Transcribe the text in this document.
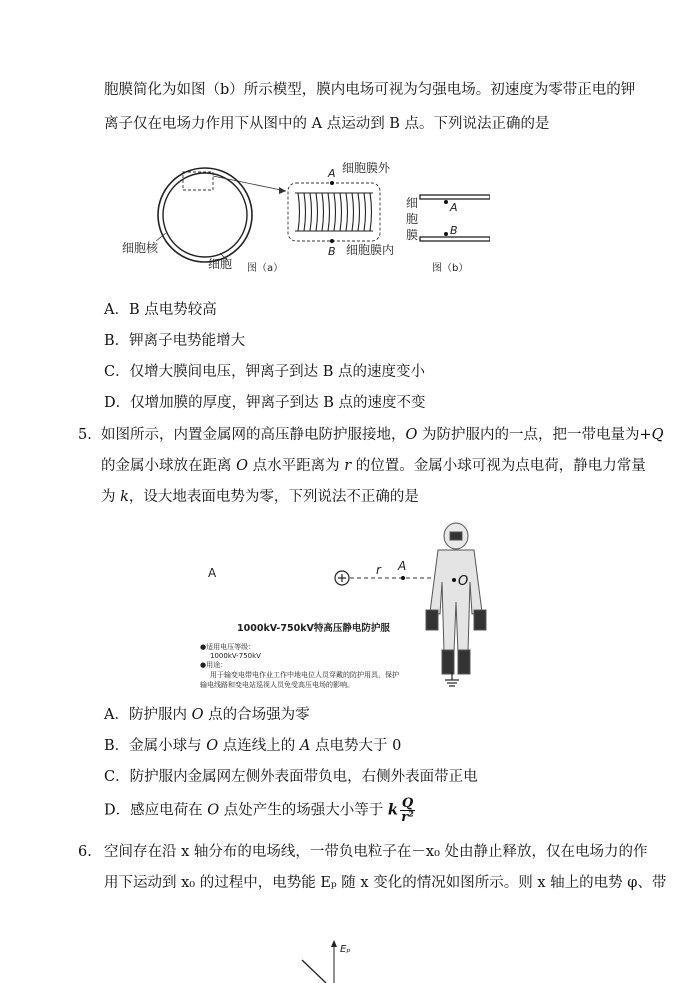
胞膜简化为如图（b）所示模型，膜内电场可视为匀强电场。初速度为零带正电的钾
离子仅在电场力作用下从图中的 A 点运动到 B 点。下列说法正确的是
细胞核
细胞 图（a）
A
B
细胞膜外
细胞膜内
A
B
细
胞
膜
图（b）
A．B 点电势较高
B．钾离子电势能增大
C．仅增大膜间电压，钾离子到达 B 点的速度变小
D．仅增加膜的厚度，钾离子到达 B 点的速度不变
5. 如图所示，内置金属网的高压静电防护服接地，O 为防护服内的一点，把一带电量为+Q
的金属小球放在距离 O 点水平距离为 r 的位置。金属小球可视为点电荷，静电力常量
为 k，设大地表面电势为零，下列说法不正确的是
A	r A
O
1000kV-750kV特高压静电防护服
●适用电压等级：
1000kV-750kV
●用途：
用于输变电带电作业工作中地电位人员穿戴的防护用具，保护
输电线路和变电站巡视人员免受高压电场的影响。
A．防护服内 O 点的合场强为零
B．金属小球与 O 点连线上的 A 点电势大于 0
C．防护服内金属网左侧外表面带负电，右侧外表面带正电
D．感应电荷在 O 点处产生的场强大小等于 k $\frac{Q}{\text{r²}}$
6. 空间存在沿 x 轴分布的电场线，一带负电粒子在－x₀ 处由静止释放，仅在电场力的作
用下运动到 x₀ 的过程中，电势能 Eₚ 随 x 变化的情况如图所示。则 x 轴上的电势 φ、带
Eₚ
